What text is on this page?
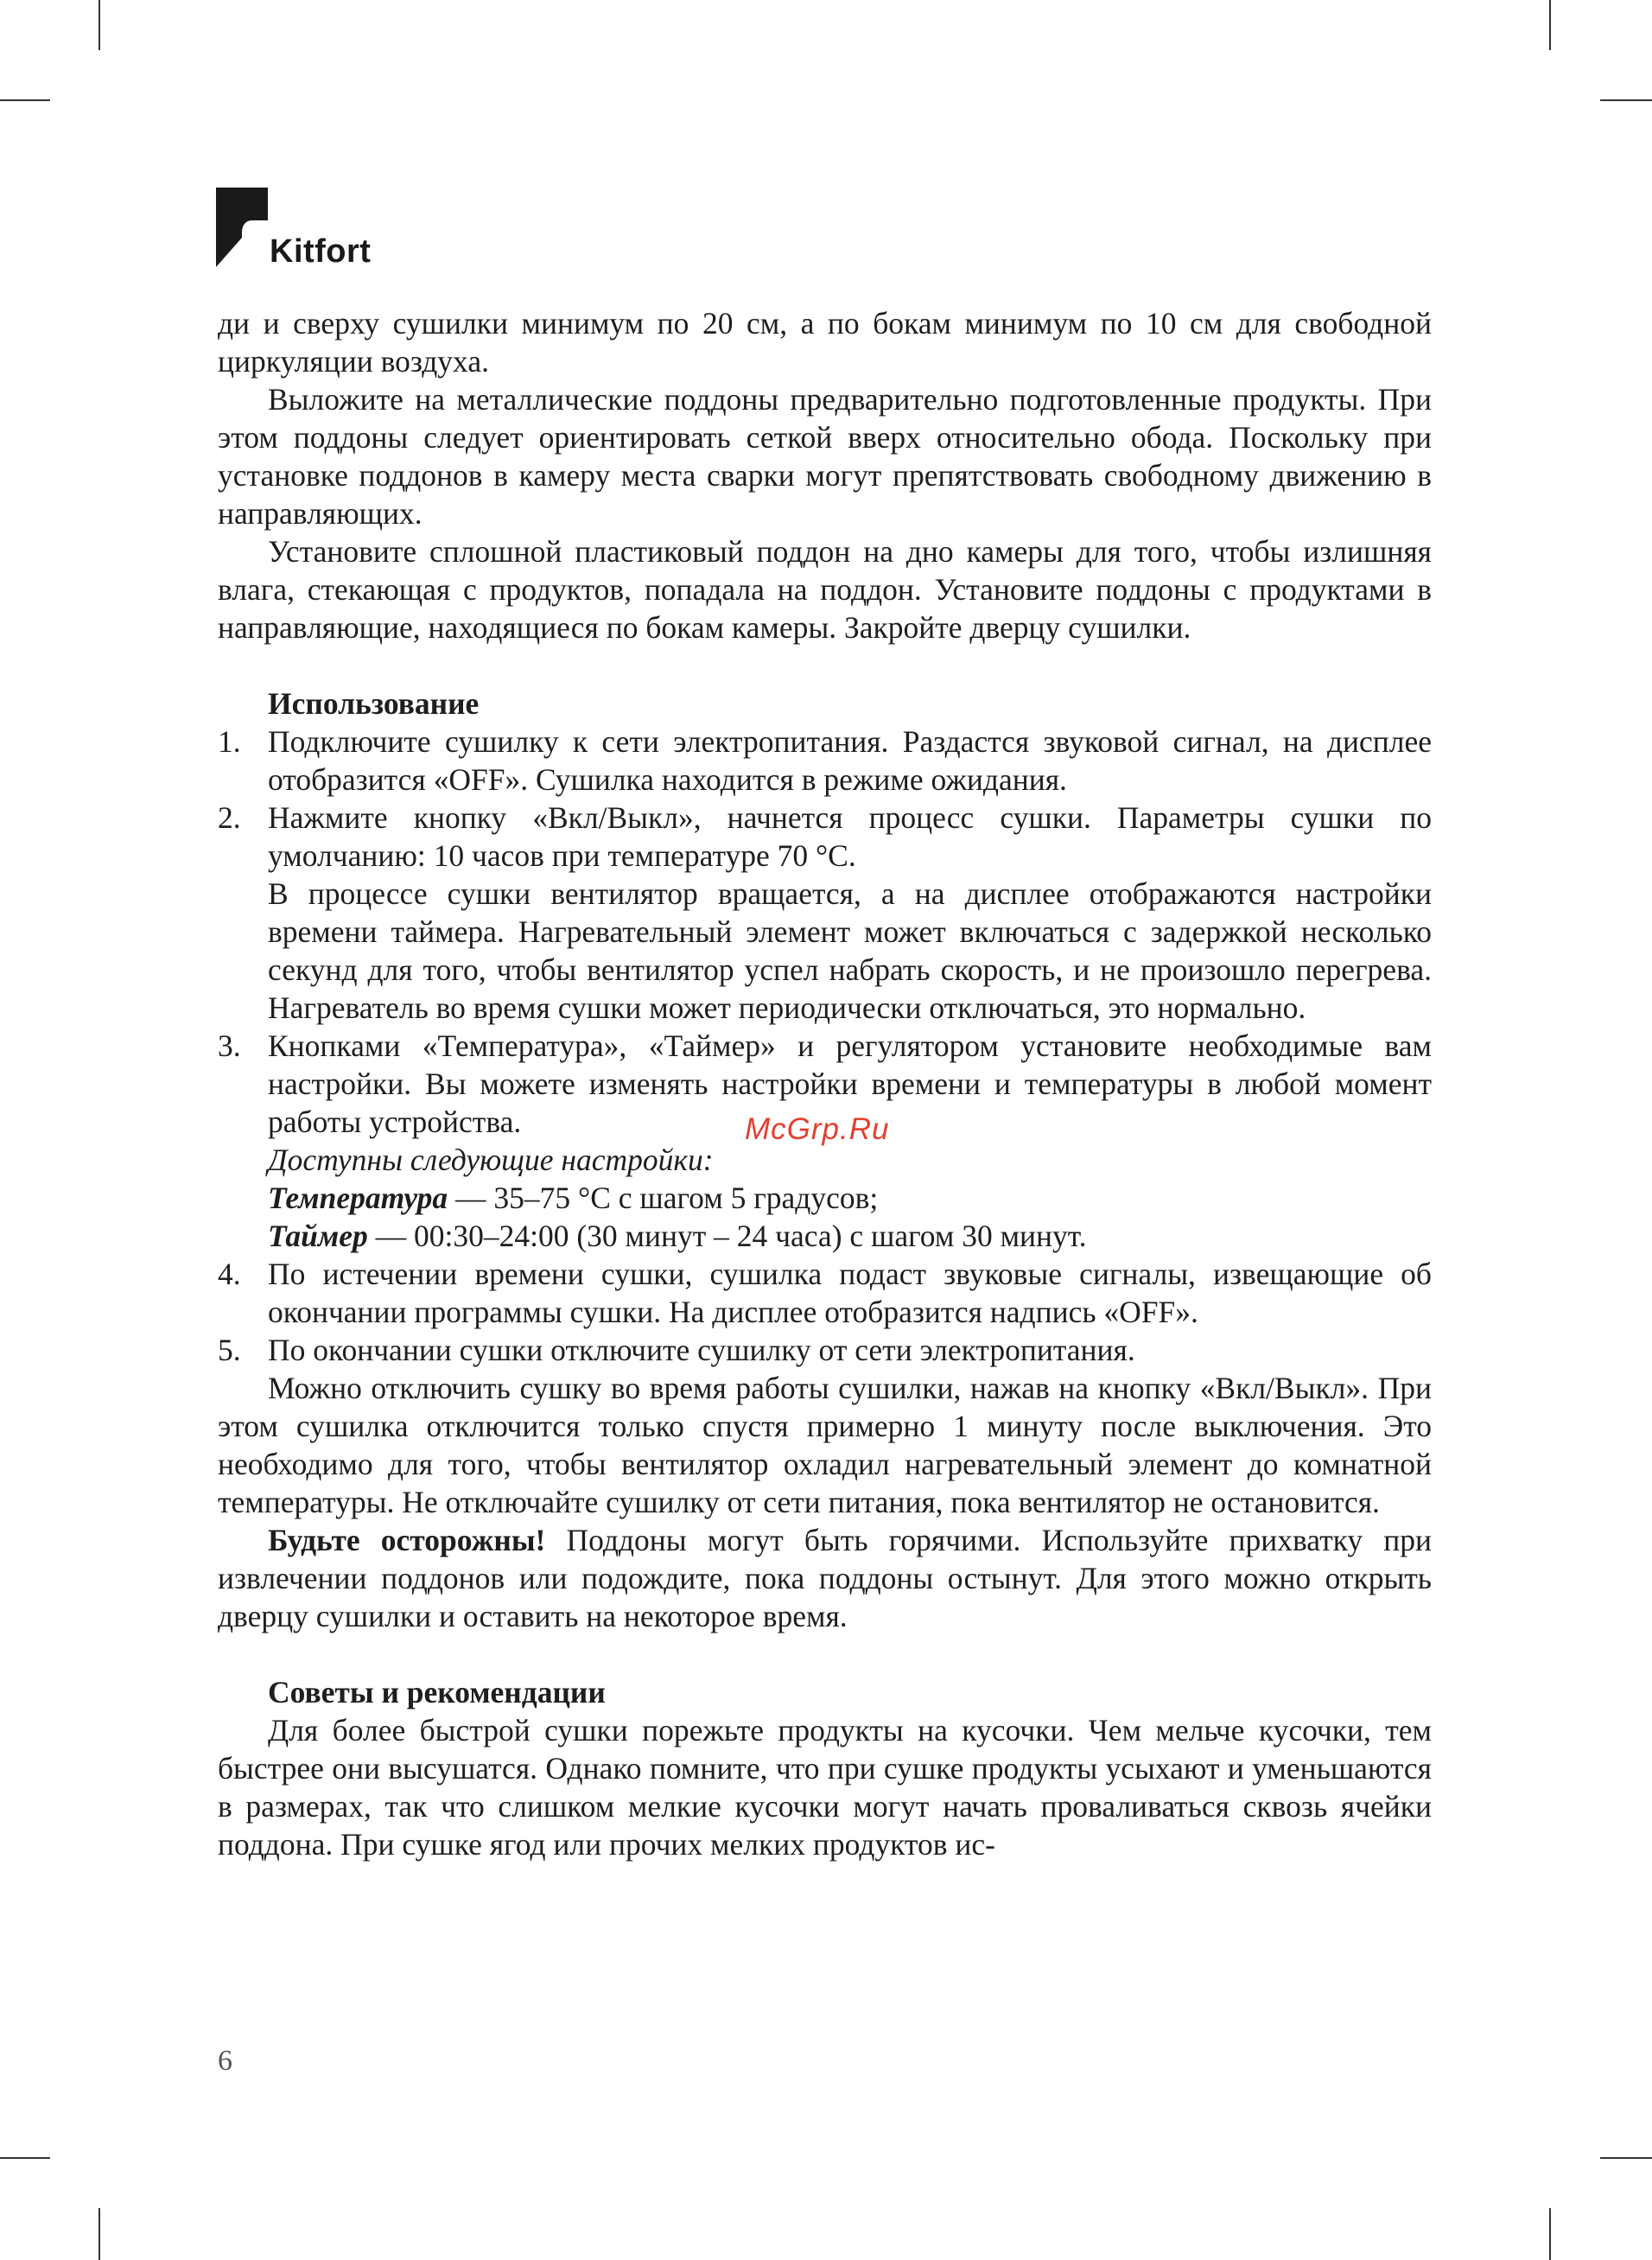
Kitfort

ди и сверху сушилки минимум по 20 см, а по бокам минимум по 10 см для свободной циркуляции воздуха.

Выложите на металлические поддоны предварительно подготовленные продукты. При этом поддоны следует ориентировать сеткой вверх относительно обода. Поскольку при установке поддонов в камеру места сварки могут препятствовать свободному движению в направляющих.

Установите сплошной пластиковый поддон на дно камеры для того, чтобы излишняя влага, стекающая с продуктов, попадала на поддон. Установите поддоны с продуктами в направляющие, находящиеся по бокам камеры. Закройте дверцу сушилки.

Использование

1. Подключите сушилку к сети электропитания. Раздастся звуковой сигнал, на дисплее отобразится «OFF». Сушилка находится в режиме ожидания.
2. Нажмите кнопку «Вкл/Выкл», начнется процесс сушки. Параметры сушки по умолчанию: 10 часов при температуре 70 °С.

В процессе сушки вентилятор вращается, а на дисплее отображаются настройки времени таймера. Нагревательный элемент может включаться с задержкой несколько секунд для того, чтобы вентилятор успел набрать скорость, и не произошло перегрева. Нагреватель во время сушки может периодически отключаться, это нормально.

3. Кнопками «Температура», «Таймер» и регулятором установите необходимые вам настройки. Вы можете изменять настройки времени и температуры в любой момент работы устройства.

Доступны следующие настройки:

Температура — 35–75 °С с шагом 5 градусов;

Таймер — 00:30–24:00 (30 минут – 24 часа) с шагом 30 минут.

4. По истечении времени сушки, сушилка подаст звуковые сигналы, извещающие об окончании программы сушки. На дисплее отобразится надпись «OFF».
5. По окончании сушки отключите сушилку от сети электропитания.

Можно отключить сушку во время работы сушилки, нажав на кнопку «Вкл/Выкл». При этом сушилка отключится только спустя примерно 1 минуту после выключения. Это необходимо для того, чтобы вентилятор охладил нагревательный элемент до комнатной температуры. Не отключайте сушилку от сети питания, пока вентилятор не остановится.

Будьте осторожны! Поддоны могут быть горячими. Используйте прихватку при извлечении поддонов или подождите, пока поддоны остынут. Для этого можно открыть дверцу сушилки и оставить на некоторое время.

Советы и рекомендации

Для более быстрой сушки порежьте продукты на кусочки. Чем мельче кусочки, тем быстрее они высушатся. Однако помните, что при сушке продукты усыхают и уменьшаются в размерах, так что слишком мелкие кусочки могут начать проваливаться сквозь ячейки поддона. При сушке ягод или прочих мелких продуктов ис-

McGrp.Ru
6
